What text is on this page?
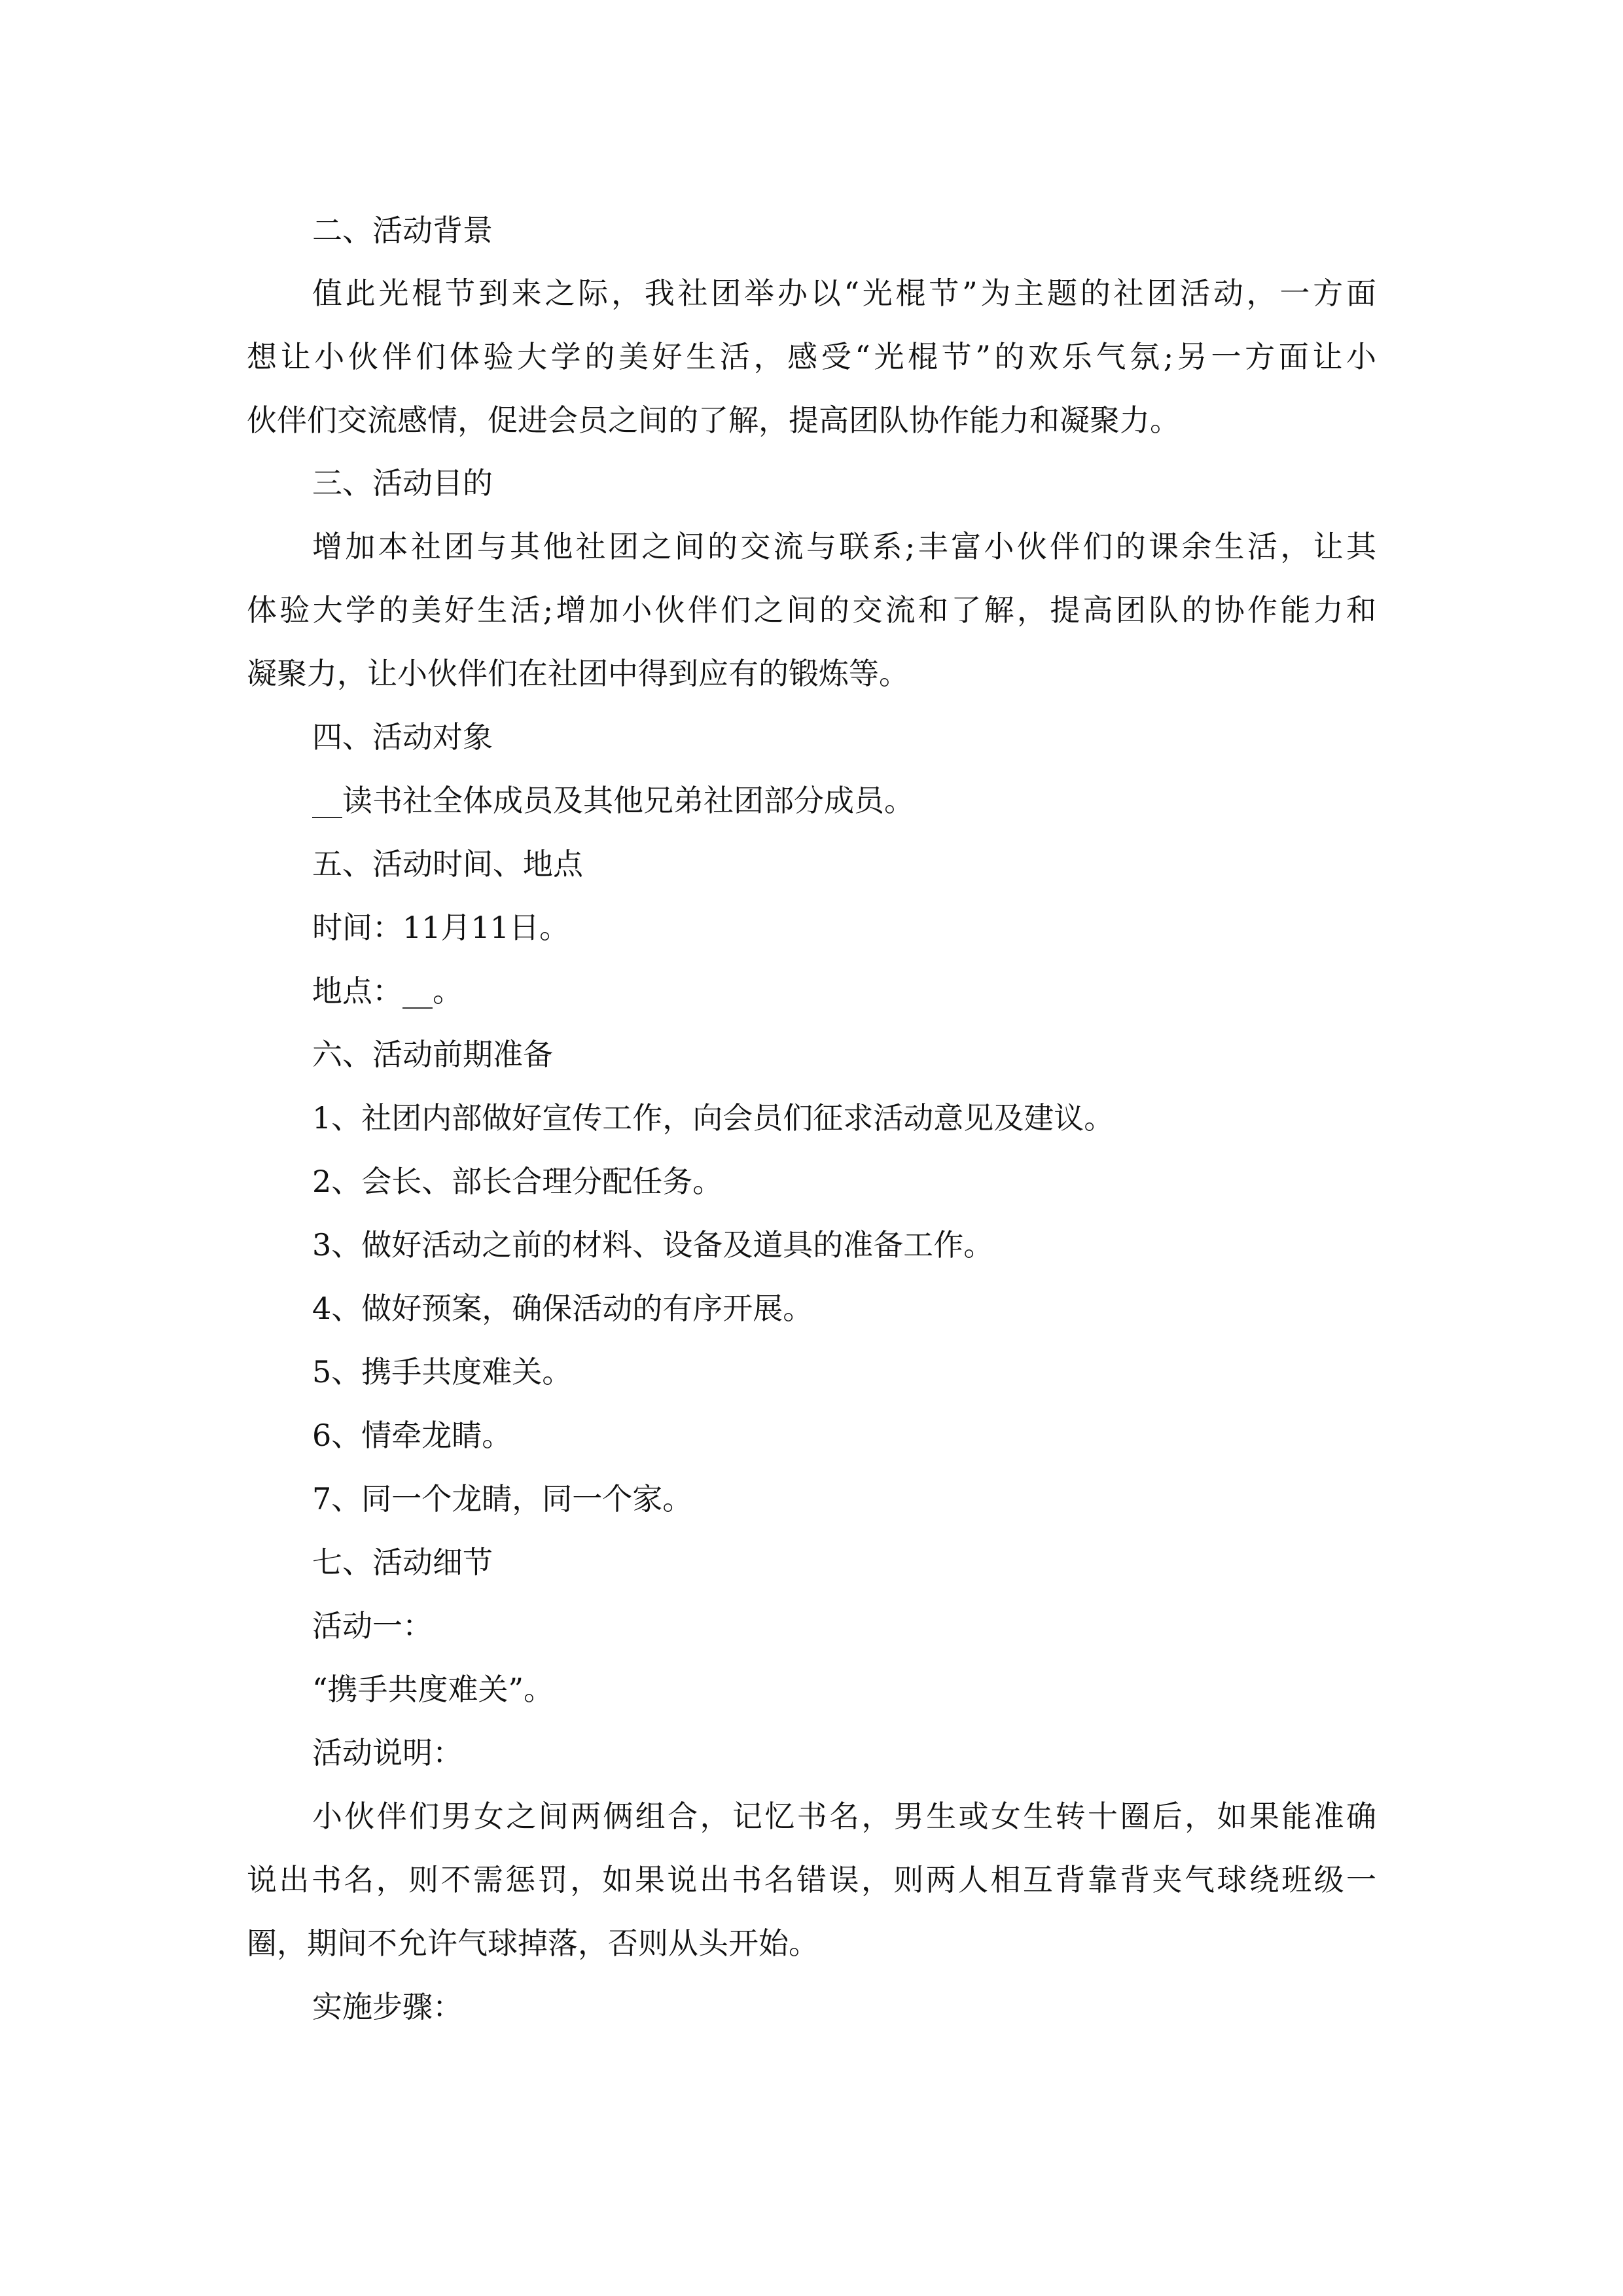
二、活动背景
值此光棍节到来之际，我社团举办以“光棍节”为主题的社团活动，一方面
想让小伙伴们体验大学的美好生活，感受“光棍节”的欢乐气氛;另一方面让小
伙伴们交流感情，促进会员之间的了解，提高团队协作能力和凝聚力。
三、活动目的
增加本社团与其他社团之间的交流与联系;丰富小伙伴们的课余生活，让其
体验大学的美好生活;增加小伙伴们之间的交流和了解，提高团队的协作能力和
凝聚力，让小伙伴们在社团中得到应有的锻炼等。
四、活动对象
__读书社全体成员及其他兄弟社团部分成员。
五、活动时间、地点
时间：11月11日。
地点：__。
六、活动前期准备
1、社团内部做好宣传工作，向会员们征求活动意见及建议。
2、会长、部长合理分配任务。
3、做好活动之前的材料、设备及道具的准备工作。
4、做好预案，确保活动的有序开展。
5、携手共度难关。
6、情牵龙睛。
7、同一个龙睛，同一个家。
七、活动细节
活动一：
“携手共度难关”。
活动说明：
小伙伴们男女之间两俩组合，记忆书名，男生或女生转十圈后，如果能准确
说出书名，则不需惩罚，如果说出书名错误，则两人相互背靠背夹气球绕班级一
圈，期间不允许气球掉落，否则从头开始。
实施步骤：
